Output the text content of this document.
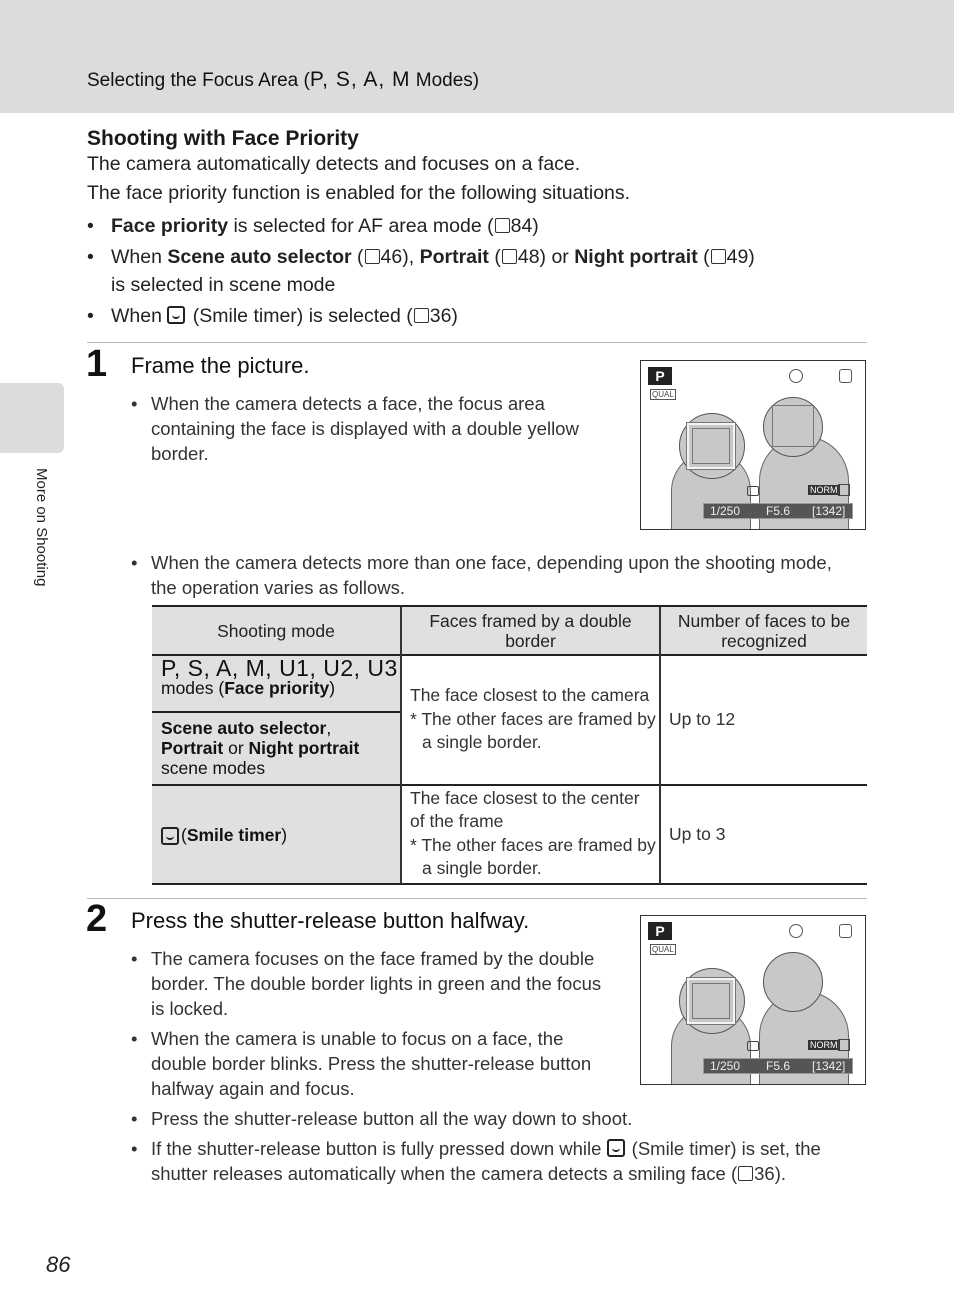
Selecting the Focus Area (P, S, A, M Modes)
More on Shooting
Shooting with Face Priority
The camera automatically detects and focuses on a face.
The face priority function is enabled for the following situations.
• Face priority is selected for AF area mode ( 84)
• When Scene auto selector ( 46), Portrait ( 48) or Night portrait ( 49)
is selected in scene mode
• When  (Smile timer) is selected ( 36)
1 Frame the picture.
• When the camera detects a face, the focus area
containing the face is displayed with a double yellow
border.
P
QUAL
NORM
1/250 F5.6 [1342]
• When the camera detects more than one face, depending upon the shooting mode,
the operation varies as follows.
Shooting mode	Faces framed by a double border
Number of faces to be recognized
P, S, A, M, U1, U2, U3
modes (Face priority)
Scene auto selector,
Portrait or Night portrait
scene modes
The face closest to the camera
* The other faces are framed by
a single border.
Up to 12
( Smile timer )
The face closest to the center
of the frame
* The other faces are framed by
a single border.
Up to 3
2 Press the shutter-release button halfway.
• The camera focuses on the face framed by the double
border. The double border lights in green and the focus
is locked.
• When the camera is unable to focus on a face, the
double border blinks. Press the shutter-release button
halfway again and focus.
P
QUAL
NORM
1/250 F5.6 [1342]
• Press the shutter-release button all the way down to shoot.
• If the shutter-release button is fully pressed down while  (Smile timer) is set, the
shutter releases automatically when the camera detects a smiling face ( 36).
86
